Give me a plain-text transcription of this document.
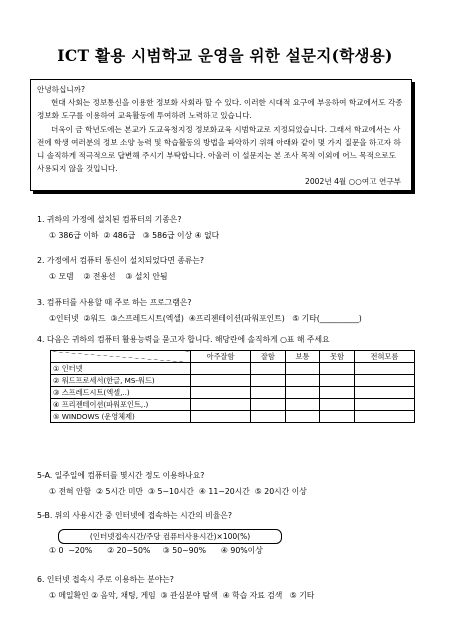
ICT 활용 시범학교 운영을 위한 설문지(학생용)

안녕하십니까?

현대 사회는 정보통신을 이용한 정보화 사회라 할 수 있다. 이러한 시대적 요구에 부응하여 학교에서도 각종 정보화 도구를 이용하여 교육활동에 투여하려 노력하고 있습니다.

더욱이 금 학년도에는 본교가 도교육청지정 정보화교육 시범학교로 지정되었습니다. 그래서 학교에서는 사전에 학생 여러분의 정보 소양 능력 및 학습활동의 방법을 파악하기 위해 아래와 같이 몇 가지 질문을 하고자 하니 솔직하게 적극적으로 답변해 주시기 부탁합니다. 아울러 이 설문지는 본 조사 목적 이외에 어느 목적으로도 사용되지 않을 것입니다.

2002년 4월 ○○여고 연구부

1. 귀하의 가정에 설치된 컴퓨터의 기종은?

① 386급 이하  ② 486급   ③ 586급 이상 ④ 없다

2. 가정에서 컴퓨터 통신이 설치되었다면 종류는?

① 모뎀    ② 전용선    ③ 설치 안됨

3. 컴퓨터를 사용할 때 주로 하는 프로그램은?

①인터넷  ②워드  ③스프레드시트(엑셀)  ④프리젠테이션(파워포인트)   ⑤ 기타(__________)

4. 다음은 귀하의 컴퓨터 활용능력을 묻고자 합니다. 해당란에 솔직하게 ○표 해 주세요

	아주잘함	잘함	보통	못함	전혀모름
① 인터넷					
② 워드프로세서(한글, MS-워드)					
③ 스프레드시트(엑셀,..)					
④ 프리젠테이션(파워포인트,.)					
⑤ WINDOWS (운영체제)					

5-A. 일주일에 컴퓨터를 몇시간 정도 이용하나요?

① 전혀 안함  ② 5시간 미만  ③ 5∼10시간  ④ 11∼20시간  ⑤ 20시간 이상

5-B. 위의 사용시간 중 인터넷에 접속하는 시간의 비율은?

(인터넷접속시간/주당 컴퓨터사용시간)×100(%)

① 0  ∼20%      ② 20∼50%     ③ 50∼90%      ④ 90%이상

6. 인터넷 접속시 주로 이용하는 분야는?

① 메일확인 ② 음악, 채팅, 게임  ③ 관심분야 탐색  ④ 학습 자료 검색   ⑤ 기타
